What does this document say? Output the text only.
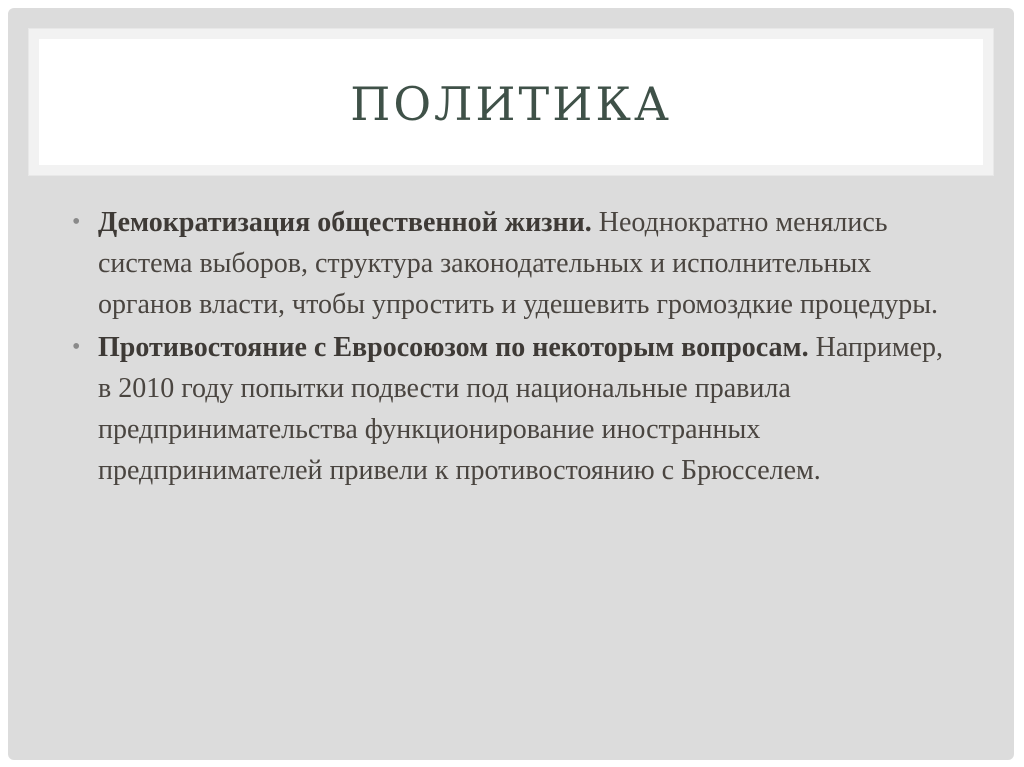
ПОЛИТИКА
• Демократизация общественной жизни. Неоднократно менялись система выборов, структура законодательных и исполнительных органов власти, чтобы упростить и удешевить громоздкие процедуры.
• Противостояние с Евросоюзом по некоторым вопросам. Например, в 2010 году попытки подвести под национальные правила предпринимательства функционирование иностранных предпринимателей привели к противостоянию с Брюсселем.
